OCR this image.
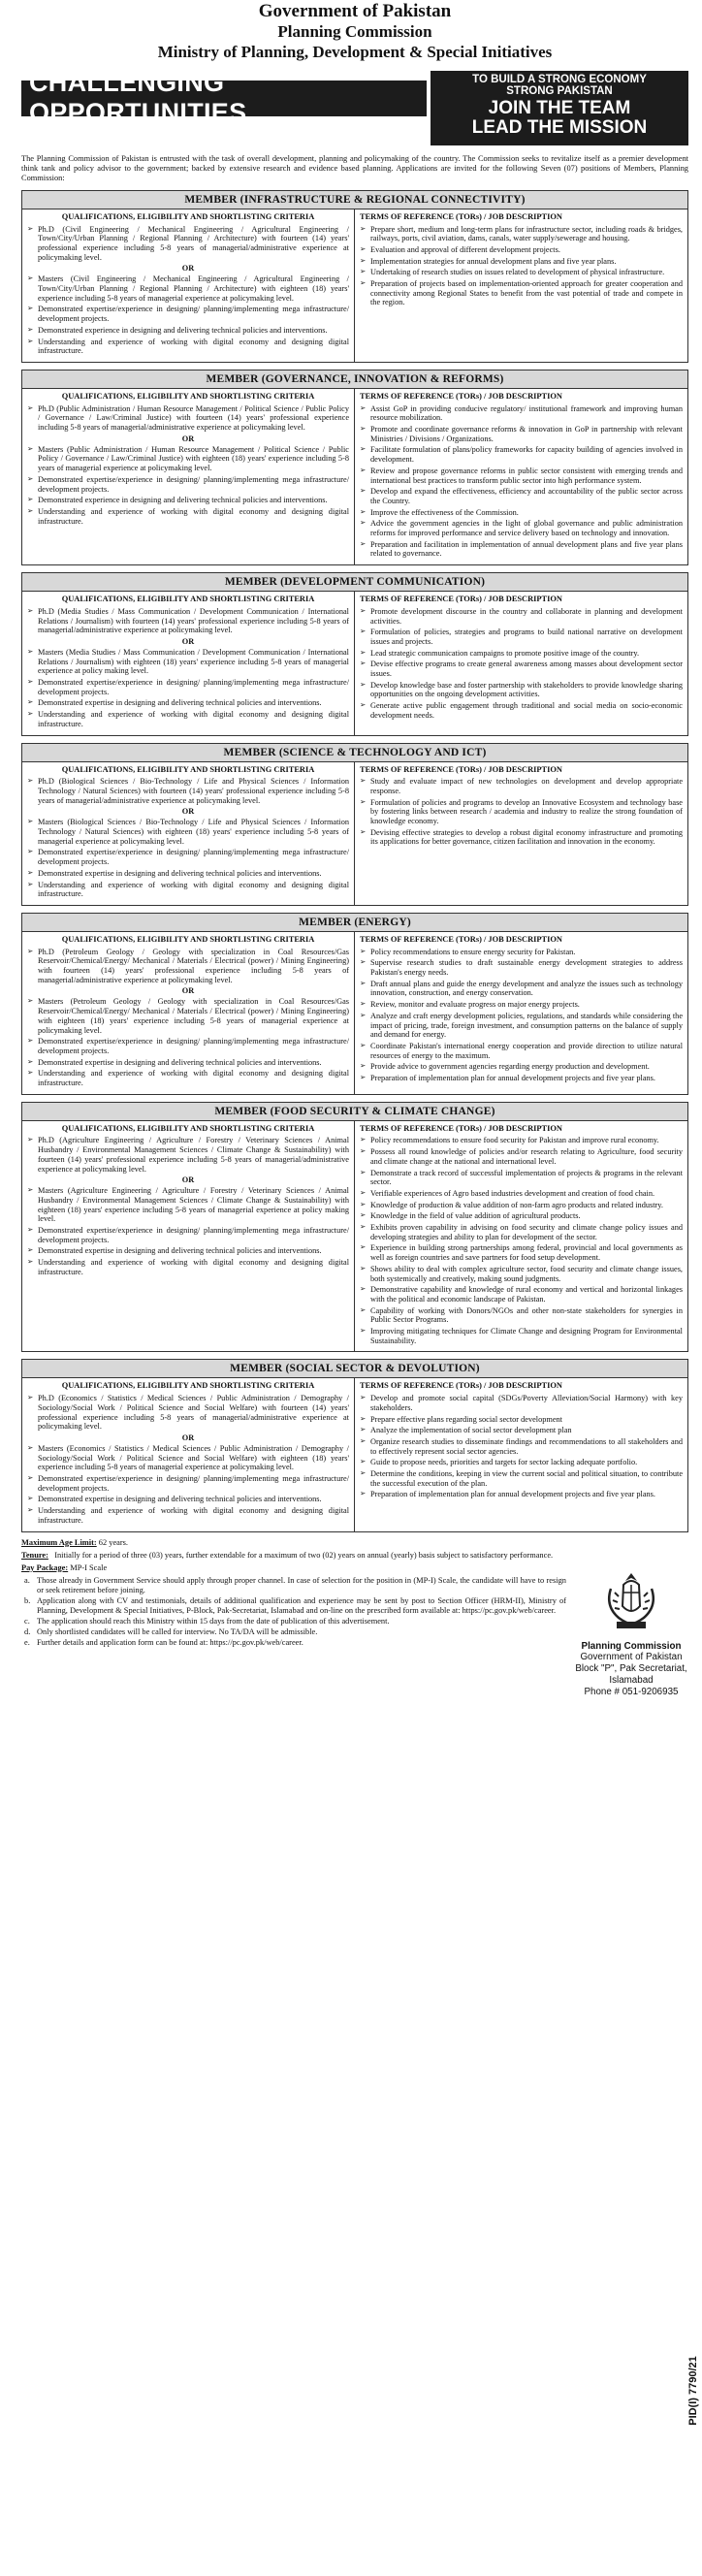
Government of Pakistan
Planning Commission
Ministry of Planning, Development & Special Initiatives
CHALLENGING OPPORTUNITIES
TO BUILD A STRONG ECONOMY
STRONG PAKISTAN
JOIN THE TEAM
LEAD THE MISSION

The Planning Commission of Pakistan is entrusted with the task of overall development, planning and policymaking of the country. The Commission seeks to revitalize itself as a premier development think tank and policy advisor to the government; backed by extensive research and evidence based planning. Applications are invited for the following Seven (07) positions of Members, Planning Commission:

MEMBER (INFRASTRUCTURE & REGIONAL CONNECTIVITY)
QUALIFICATIONS, ELIGIBILITY AND SHORTLISTING CRITERIA
➢ Ph.D (Civil Engineering / Mechanical Engineering / Agricultural Engineering / Town/City/Urban Planning / Regional Planning / Architecture) with fourteen (14) years' professional experience including 5-8 years of managerial/administrative experience at policymaking level.
OR
➢ Masters (Civil Engineering / Mechanical Engineering / Agricultural Engineering / Town/City/Urban Planning / Regional Planning / Architecture) with eighteen (18) years' experience including 5-8 years of managerial experience at policymaking level.
➢ Demonstrated expertise/experience in designing/ planning/implementing mega infrastructure/ development projects.
➢ Demonstrated experience in designing and delivering technical policies and interventions.
➢ Understanding and experience of working with digital economy and designing digital infrastructure.
TERMS OF REFERENCE (TORs) / JOB DESCRIPTION
➢ Prepare short, medium and long-term plans for infrastructure sector, including roads & bridges, railways, ports, civil aviation, dams, canals, water supply/sewerage and housing.
➢ Evaluation and approval of different development projects.
➢ Implementation strategies for annual development plans and five year plans.
➢ Undertaking of research studies on issues related to development of physical infrastructure.
➢ Preparation of projects based on implementation-oriented approach for greater cooperation and connectivity among Regional States to benefit from the vast potential of trade and compete in the region.
MEMBER (GOVERNANCE, INNOVATION & REFORMS)
QUALIFICATIONS, ELIGIBILITY AND SHORTLISTING CRITERIA
➢ Ph.D (Public Administration / Human Resource Management / Political Science / Public Policy / Governance / Law/Criminal Justice) with fourteen (14) years' professional experience including 5-8 years of managerial/administrative experience at policymaking level.
OR
➢ Masters (Public Administration / Human Resource Management / Political Science / Public Policy / Governance / Law/Criminal Justice) with eighteen (18) years' experience including 5-8 years of managerial experience at policymaking level.
➢ Demonstrated expertise/experience in designing/ planning/implementing mega infrastructure/ development projects.
➢ Demonstrated experience in designing and delivering technical policies and interventions.
➢ Understanding and experience of working with digital economy and designing digital infrastructure.
TERMS OF REFERENCE (TORs) / JOB DESCRIPTION
➢ Assist GoP in providing conducive regulatory/ institutional framework and improving human resource mobilization.
➢ Promote and coordinate governance reforms & innovation in GoP in partnership with relevant Ministries / Divisions / Organizations.
➢ Facilitate formulation of plans/policy frameworks for capacity building of agencies involved in development.
➢ Review and propose governance reforms in public sector consistent with emerging trends and international best practices to transform public sector into high performance system.
➢ Develop and expand the effectiveness, efficiency and accountability of the public sector across the Country.
➢ Improve the effectiveness of the Commission.
➢ Advice the government agencies in the light of global governance and public administration reforms for improved performance and service delivery based on technology and innovation.
➢ Preparation and facilitation in implementation of annual development plans and five year plans related to governance.
MEMBER (DEVELOPMENT COMMUNICATION)
QUALIFICATIONS, ELIGIBILITY AND SHORTLISTING CRITERIA
➢ Ph.D (Media Studies / Mass Communication / Development Communication / International Relations / Journalism) with fourteen (14) years' professional experience including 5-8 years of managerial/administrative experience at policymaking level.
OR
➢ Masters (Media Studies / Mass Communication / Development Communication / International Relations / Journalism) with eighteen (18) years' experience including 5-8 years of managerial experience at policy making level.
➢ Demonstrated expertise/experience in designing/ planning/implementing mega infrastructure/ development projects.
➢ Demonstrated expertise in designing and delivering technical policies and interventions.
➢ Understanding and experience of working with digital economy and designing digital infrastructure.
TERMS OF REFERENCE (TORs) / JOB DESCRIPTION
➢ Promote development discourse in the country and collaborate in planning and development activities.
➢ Formulation of policies, strategies and programs to build national narrative on development issues and projects.
➢ Lead strategic communication campaigns to promote positive image of the country.
➢ Devise effective programs to create general awareness among masses about development sector issues.
➢ Develop knowledge base and foster partnership with stakeholders to provide knowledge sharing opportunities on the ongoing development activities.
➢ Generate active public engagement through traditional and social media on socio-economic development needs.
MEMBER (SCIENCE & TECHNOLOGY AND ICT)
QUALIFICATIONS, ELIGIBILITY AND SHORTLISTING CRITERIA
➢ Ph.D (Biological Sciences / Bio-Technology / Life and Physical Sciences / Information Technology / Natural Sciences) with fourteen (14) years' professional experience including 5-8 years of managerial/administrative experience at policymaking level.
OR
➢ Masters (Biological Sciences / Bio-Technology / Life and Physical Sciences / Information Technology / Natural Sciences) with eighteen (18) years' experience including 5-8 years of managerial experience at policymaking level.
➢ Demonstrated expertise/experience in designing/ planning/implementing mega infrastructure/ development projects.
➢ Demonstrated expertise in designing and delivering technical policies and interventions.
➢ Understanding and experience of working with digital economy and designing digital infrastructure.
TERMS OF REFERENCE (TORs) / JOB DESCRIPTION
➢ Study and evaluate impact of new technologies on development and develop appropriate response.
➢ Formulation of policies and programs to develop an Innovative Ecosystem and technology base by fostering links between research / academia and industry to realize the strong foundation of knowledge economy.
➢ Devising effective strategies to develop a robust digital economy infrastructure and promoting its applications for better governance, citizen facilitation and innovation in the economy.
MEMBER (ENERGY)
QUALIFICATIONS, ELIGIBILITY AND SHORTLISTING CRITERIA
➢ Ph.D (Petroleum Geology / Geology with specialization in Coal Resources/Gas Reservoir/Chemical/Energy/ Mechanical / Materials / Electrical (power) / Mining Engineering) with fourteen (14) years' professional experience including 5-8 years of managerial/administrative experience at policymaking level.
OR
➢ Masters (Petroleum Geology / Geology with specialization in Coal Resources/Gas Reservoir/Chemical/Energy/ Mechanical / Materials / Electrical (power) / Mining Engineering) with eighteen (18) years' experience including 5-8 years of managerial experience at policymaking level.
➢ Demonstrated expertise/experience in designing/ planning/implementing mega infrastructure/ development projects.
➢ Demonstrated expertise in designing and delivering technical policies and interventions.
➢ Understanding and experience of working with digital economy and designing digital infrastructure.
TERMS OF REFERENCE (TORs) / JOB DESCRIPTION
➢ Policy recommendations to ensure energy security for Pakistan.
➢ Supervise research studies to draft sustainable energy development strategies to address Pakistan's energy needs.
➢ Draft annual plans and guide the energy development and analyze the issues such as technology innovation, construction, and energy conservation.
➢ Review, monitor and evaluate progress on major energy projects.
➢ Analyze and craft energy development policies, regulations, and standards while considering the impact of pricing, trade, foreign investment, and consumption patterns on the balance of supply and demand for energy.
➢ Coordinate Pakistan's international energy cooperation and provide direction to utilize natural resources of energy to the maximum.
➢ Provide advice to government agencies regarding energy production and development.
➢ Preparation of implementation plan for annual development projects and five year plans.
MEMBER (FOOD SECURITY & CLIMATE CHANGE)
QUALIFICATIONS, ELIGIBILITY AND SHORTLISTING CRITERIA
➢ Ph.D (Agriculture Engineering / Agriculture / Forestry / Veterinary Sciences / Animal Husbandry / Environmental Management Sciences / Climate Change & Sustainability) with fourteen (14) years' professional experience including 5-8 years of managerial/administrative experience at policymaking level.
OR
➢ Masters (Agriculture Engineering / Agriculture / Forestry / Veterinary Sciences / Animal Husbandry / Environmental Management Sciences / Climate Change & Sustainability) with eighteen (18) years' experience including 5-8 years of managerial experience at policy making level.
➢ Demonstrated expertise/experience in designing/ planning/implementing mega infrastructure/ development projects.
➢ Demonstrated expertise in designing and delivering technical policies and interventions.
➢ Understanding and experience of working with digital economy and designing digital infrastructure.
TERMS OF REFERENCE (TORs) / JOB DESCRIPTION
➢ Policy recommendations to ensure food security for Pakistan and improve rural economy.
➢ Possess all round knowledge of policies and/or research relating to Agriculture, food security and climate change at the national and international level.
➢ Demonstrate a track record of successful implementation of projects & programs in the relevant sector.
➢ Verifiable experiences of Agro based industries development and creation of food chain.
➢ Knowledge of production & value addition of non-farm agro products and related industry.
➢ Knowledge in the field of value addition of agricultural products.
➢ Exhibits proven capability in advising on food security and climate change policy issues and developing strategies and ability to plan for development of the sector.
➢ Experience in building strong partnerships among federal, provincial and local governments as well as foreign countries and save partners for food setup development.
➢ Shows ability to deal with complex agriculture sector, food security and climate change issues, both systemically and creatively, making sound judgments.
➢ Demonstrative capability and knowledge of rural economy and vertical and horizontal linkages with the political and economic landscape of Pakistan.
➢ Capability of working with Donors/NGOs and other non-state stakeholders for synergies in Public Sector Programs.
➢ Improving mitigating techniques for Climate Change and designing Program for Environmental Sustainability.
MEMBER (SOCIAL SECTOR & DEVOLUTION)
QUALIFICATIONS, ELIGIBILITY AND SHORTLISTING CRITERIA
➢ Ph.D (Economics / Statistics / Medical Sciences / Public Administration / Demography / Sociology/Social Work / Political Science and Social Welfare) with fourteen (14) years' professional experience including 5-8 years of managerial/administrative experience at policymaking level.
OR
➢ Masters (Economics / Statistics / Medical Sciences / Public Administration / Demography / Sociology/Social Work / Political Science and Social Welfare) with eighteen (18) years' experience including 5-8 years of managerial experience at policymaking level.
➢ Demonstrated expertise/experience in designing/ planning/implementing mega infrastructure/ development projects.
➢ Demonstrated expertise in designing and delivering technical policies and interventions.
➢ Understanding and experience of working with digital economy and designing digital infrastructure.
TERMS OF REFERENCE (TORs) / JOB DESCRIPTION
➢ Develop and promote social capital (SDGs/Poverty Alleviation/Social Harmony) with key stakeholders.
➢ Prepare effective plans regarding social sector development
➢ Analyze the implementation of social sector development plan
➢ Organize research studies to disseminate findings and recommendations to all stakeholders and to effectively represent social sector agencies.
➢ Guide to propose needs, priorities and targets for sector lacking adequate portfolio.
➢ Determine the conditions, keeping in view the current social and political situation, to contribute the successful execution of the plan.
➢ Preparation of implementation plan for annual development projects and five year plans.
Maximum Age Limit: 62 years.
Tenure: Initially for a period of three (03) years, further extendable for a maximum of two (02) years on annual (yearly) basis subject to satisfactory performance.
Pay Package: MP-I Scale
a. Those already in Government Service should apply through proper channel. In case of selection for the position in (MP-I) Scale, the candidate will have to resign or seek retirement before joining.
b. Application along with CV and testimonials, details of additional qualification and experience may be sent by post to Section Officer (HRM-II), Ministry of Planning, Development & Special Initiatives, P-Block, Pak-Secretariat, Islamabad and on-line on the prescribed form available at: https://pc.gov.pk/web/career.
c. The application should reach this Ministry within 15 days from the date of publication of this advertisement.
d. Only shortlisted candidates will be called for interview. No TA/DA will be admissible.
e. Further details and application form can be found at: https://pc.gov.pk/web/career.	Planning Commission
Government of Pakistan
Block "P", Pak Secretariat,
Islamabad
Phone # 051-9206935
PID(I) 7790/21
